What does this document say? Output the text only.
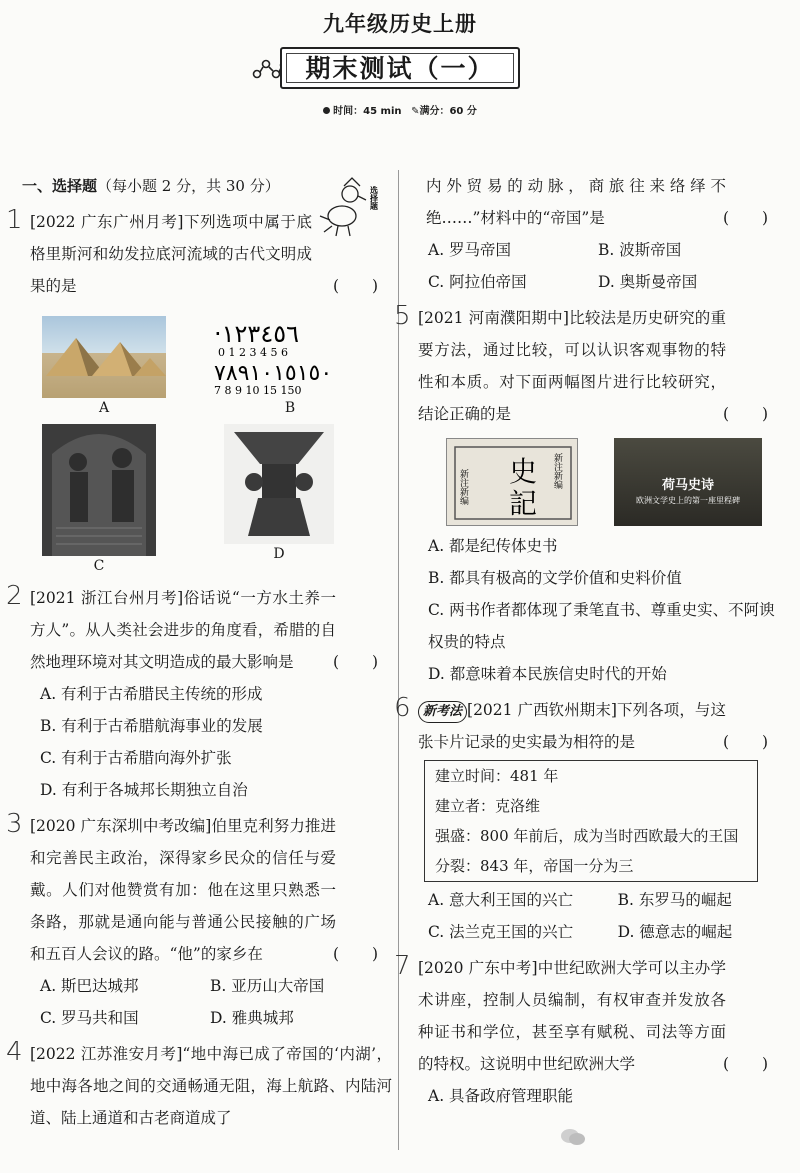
九年级历史上册
期末测试（一）
时间：45 min ✎满分：60 分
选择题
一、选择题（每小题 2 分，共 30 分）
1 [2022 广东广州月考]下列选项中属于底格里斯河和幼发拉底河流域的古代文明成果的是	( )
A
·١٢٣٤٥٦
0 1 2 3 4 5 6
٧٨٩١٠١٥١٥٠
7 8 9 10 15 150
B
C
D
2 [2021 浙江台州月考]俗话说“一方水土养一方人”。从人类社会进步的角度看，希腊的自然地理环境对其文明造成的最大影响是	( )
A. 有利于古希腊民主传统的形成
B. 有利于古希腊航海事业的发展
C. 有利于古希腊向海外扩张
D. 有利于各城邦长期独立自治
3 [2020 广东深圳中考改编]伯里克利努力推进和完善民主政治，深得家乡民众的信任与爱戴。人们对他赞赏有加：他在这里只熟悉一条路，那就是通向能与普通公民接触的广场和五百人会议的路。“他”的家乡在	( )
A. 斯巴达城邦	B. 亚历山大帝国
C. 罗马共和国	D. 雅典城邦
4 [2022 江苏淮安月考]“地中海已成了帝国的‘内湖’，地中海各地之间的交通畅通无阻，海上航路、内陆河道、陆上通道和古老商道成了
内外贸易的动脉，商旅往来络绎不绝……”材料中的“帝国”是	( )
A. 罗马帝国	B. 波斯帝国
C. 阿拉伯帝国	D. 奥斯曼帝国
5 [2021 河南濮阳期中]比较法是历史研究的重要方法，通过比较，可以认识客观事物的特性和本质。对下面两幅图片进行比较研究，结论正确的是	( )
史
記
新注新编	新注新编	荷马史诗
欧洲文学史上的第一座里程碑
A. 都是纪传体史书
B. 都具有极高的文学价值和史料价值
C. 两书作者都体现了秉笔直书、尊重史实、不阿谀权贵的特点
D. 都意味着本民族信史时代的开始
6 新考法 [2021 广西钦州期末]下列各项，与这张卡片记录的史实最为相符的是	( )
建立时间：481 年
建立者：克洛维
强盛：800 年前后，成为当时西欧最大的王国
分裂：843 年，帝国一分为三
A. 意大利王国的兴亡	B. 东罗马的崛起
C. 法兰克王国的兴亡	D. 德意志的崛起
7 [2020 广东中考]中世纪欧洲大学可以主办学术讲座，控制人员编制，有权审查并发放各种证书和学位，甚至享有赋税、司法等方面的特权。这说明中世纪欧洲大学	( )
A. 具备政府管理职能
